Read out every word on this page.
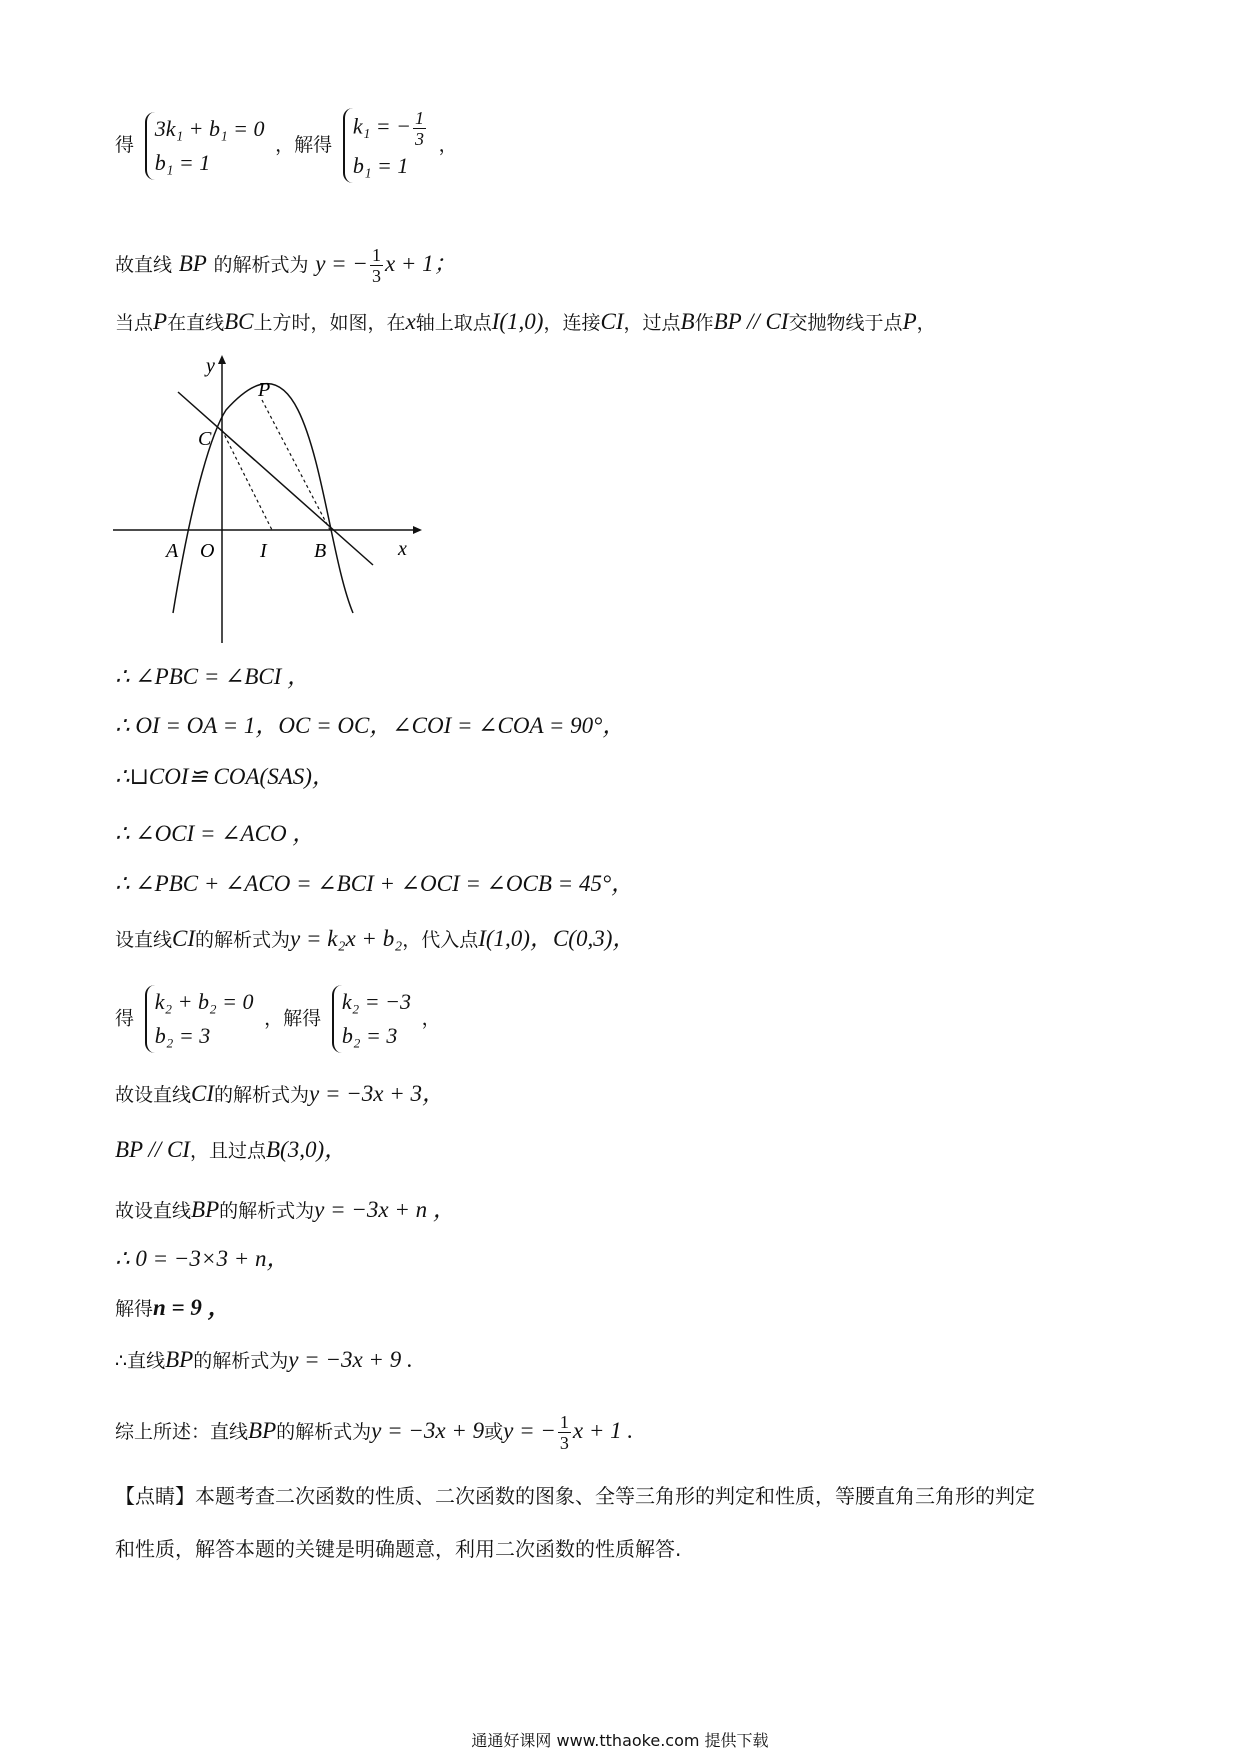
得
3k₁ + b₁ = 0
b₁ = 1
，解得
k₁ = − $\frac{1}{3}$
b₁ = 1
，
故直线 BP 的解析式为 y = − $\frac{1}{3}$ x + 1；
当点P在直线BC上方时，如图，在x轴上取点I(1,0)，连接CI，过点B作BP // CI交抛物线于点P，
y
x
P
C
A O I B
∴ ∠PBC = ∠BCI ，
∴ OI = OA = 1，OC = OC，∠COI = ∠COA = 90°，
∴⊔COI≌ COA(SAS)，
∴ ∠OCI = ∠ACO ，
∴ ∠PBC + ∠ACO = ∠BCI + ∠OCI = ∠OCB = 45°，
设直线CI的解析式为y = k₂x + b₂，代入点I(1,0)，C(0,3)，
得
k₂ + b₂ = 0
b₂ = 3
，解得
k₂ = −3
b₂ = 3
，
故设直线CI的解析式为y = −3x + 3，
BP // CI，且过点B(3,0)，
故设直线BP的解析式为y = −3x + n ，
∴ 0 = −3×3 + n，
解得n = 9 ，
∴直线BP的解析式为y = −3x + 9 .
综上所述：直线BP的解析式为y = −3x + 9或y = − $\frac{1}{3}$ x + 1 .
【点睛】本题考查二次函数的性质、二次函数的图象、全等三角形的判定和性质，等腰直角三角形的判定
和性质，解答本题的关键是明确题意，利用二次函数的性质解答.
通通好课网 www.tthaoke.com 提供下载
